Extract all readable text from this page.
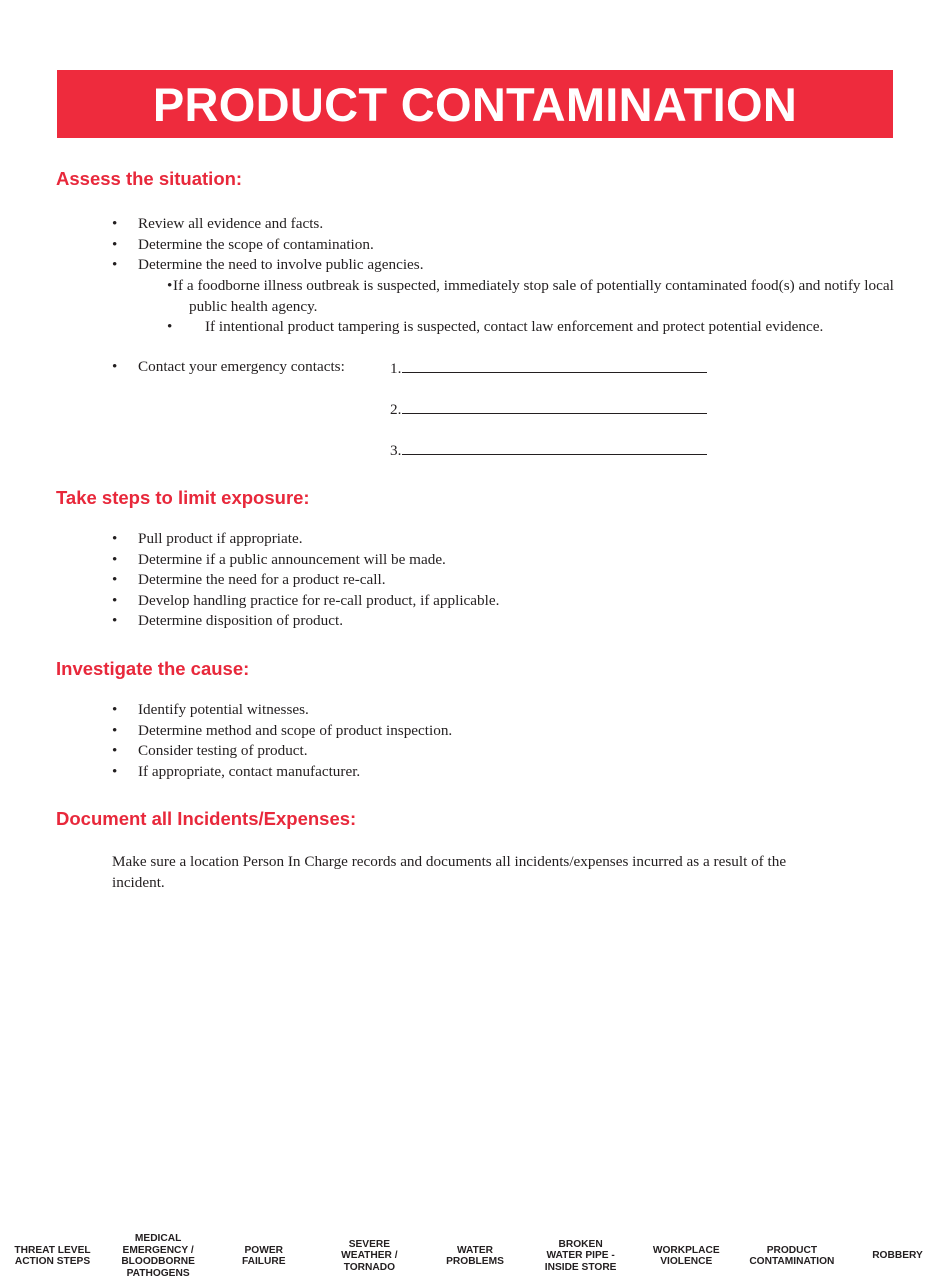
PRODUCT CONTAMINATION
Assess the situation:
• Review all evidence and facts.
• Determine the scope of contamination.
• Determine the need to involve public agencies.
• If a foodborne illness outbreak is suspected, immediately stop sale of potentially contaminated food(s) and notify local public health agency.
• If intentional product tampering is suspected, contact law enforcement and protect potential evidence.
• Contact your emergency contacts:	1.
2.
3.
Take steps to limit exposure:
• Pull product if appropriate.
• Determine if a public announcement will be made.
• Determine the need for a product re-call.
• Develop handling practice for re-call product, if applicable.
• Determine disposition of product.
Investigate the cause:
• Identify potential witnesses.
• Determine method and scope of product inspection.
• Consider testing of product.
• If appropriate, contact manufacturer.
Document all Incidents/Expenses:
Make sure a location Person In Charge records and documents all incidents/expenses incurred as a result of the incident.
THREAT LEVEL
ACTION STEPS
MEDICAL
EMERGENCY /
BLOODBORNE
PATHOGENS
POWER
FAILURE
SEVERE
WEATHER /
TORNADO
WATER
PROBLEMS
BROKEN
WATER PIPE -
INSIDE STORE
WORKPLACE
VIOLENCE
PRODUCT
CONTAMINATION
ROBBERY
